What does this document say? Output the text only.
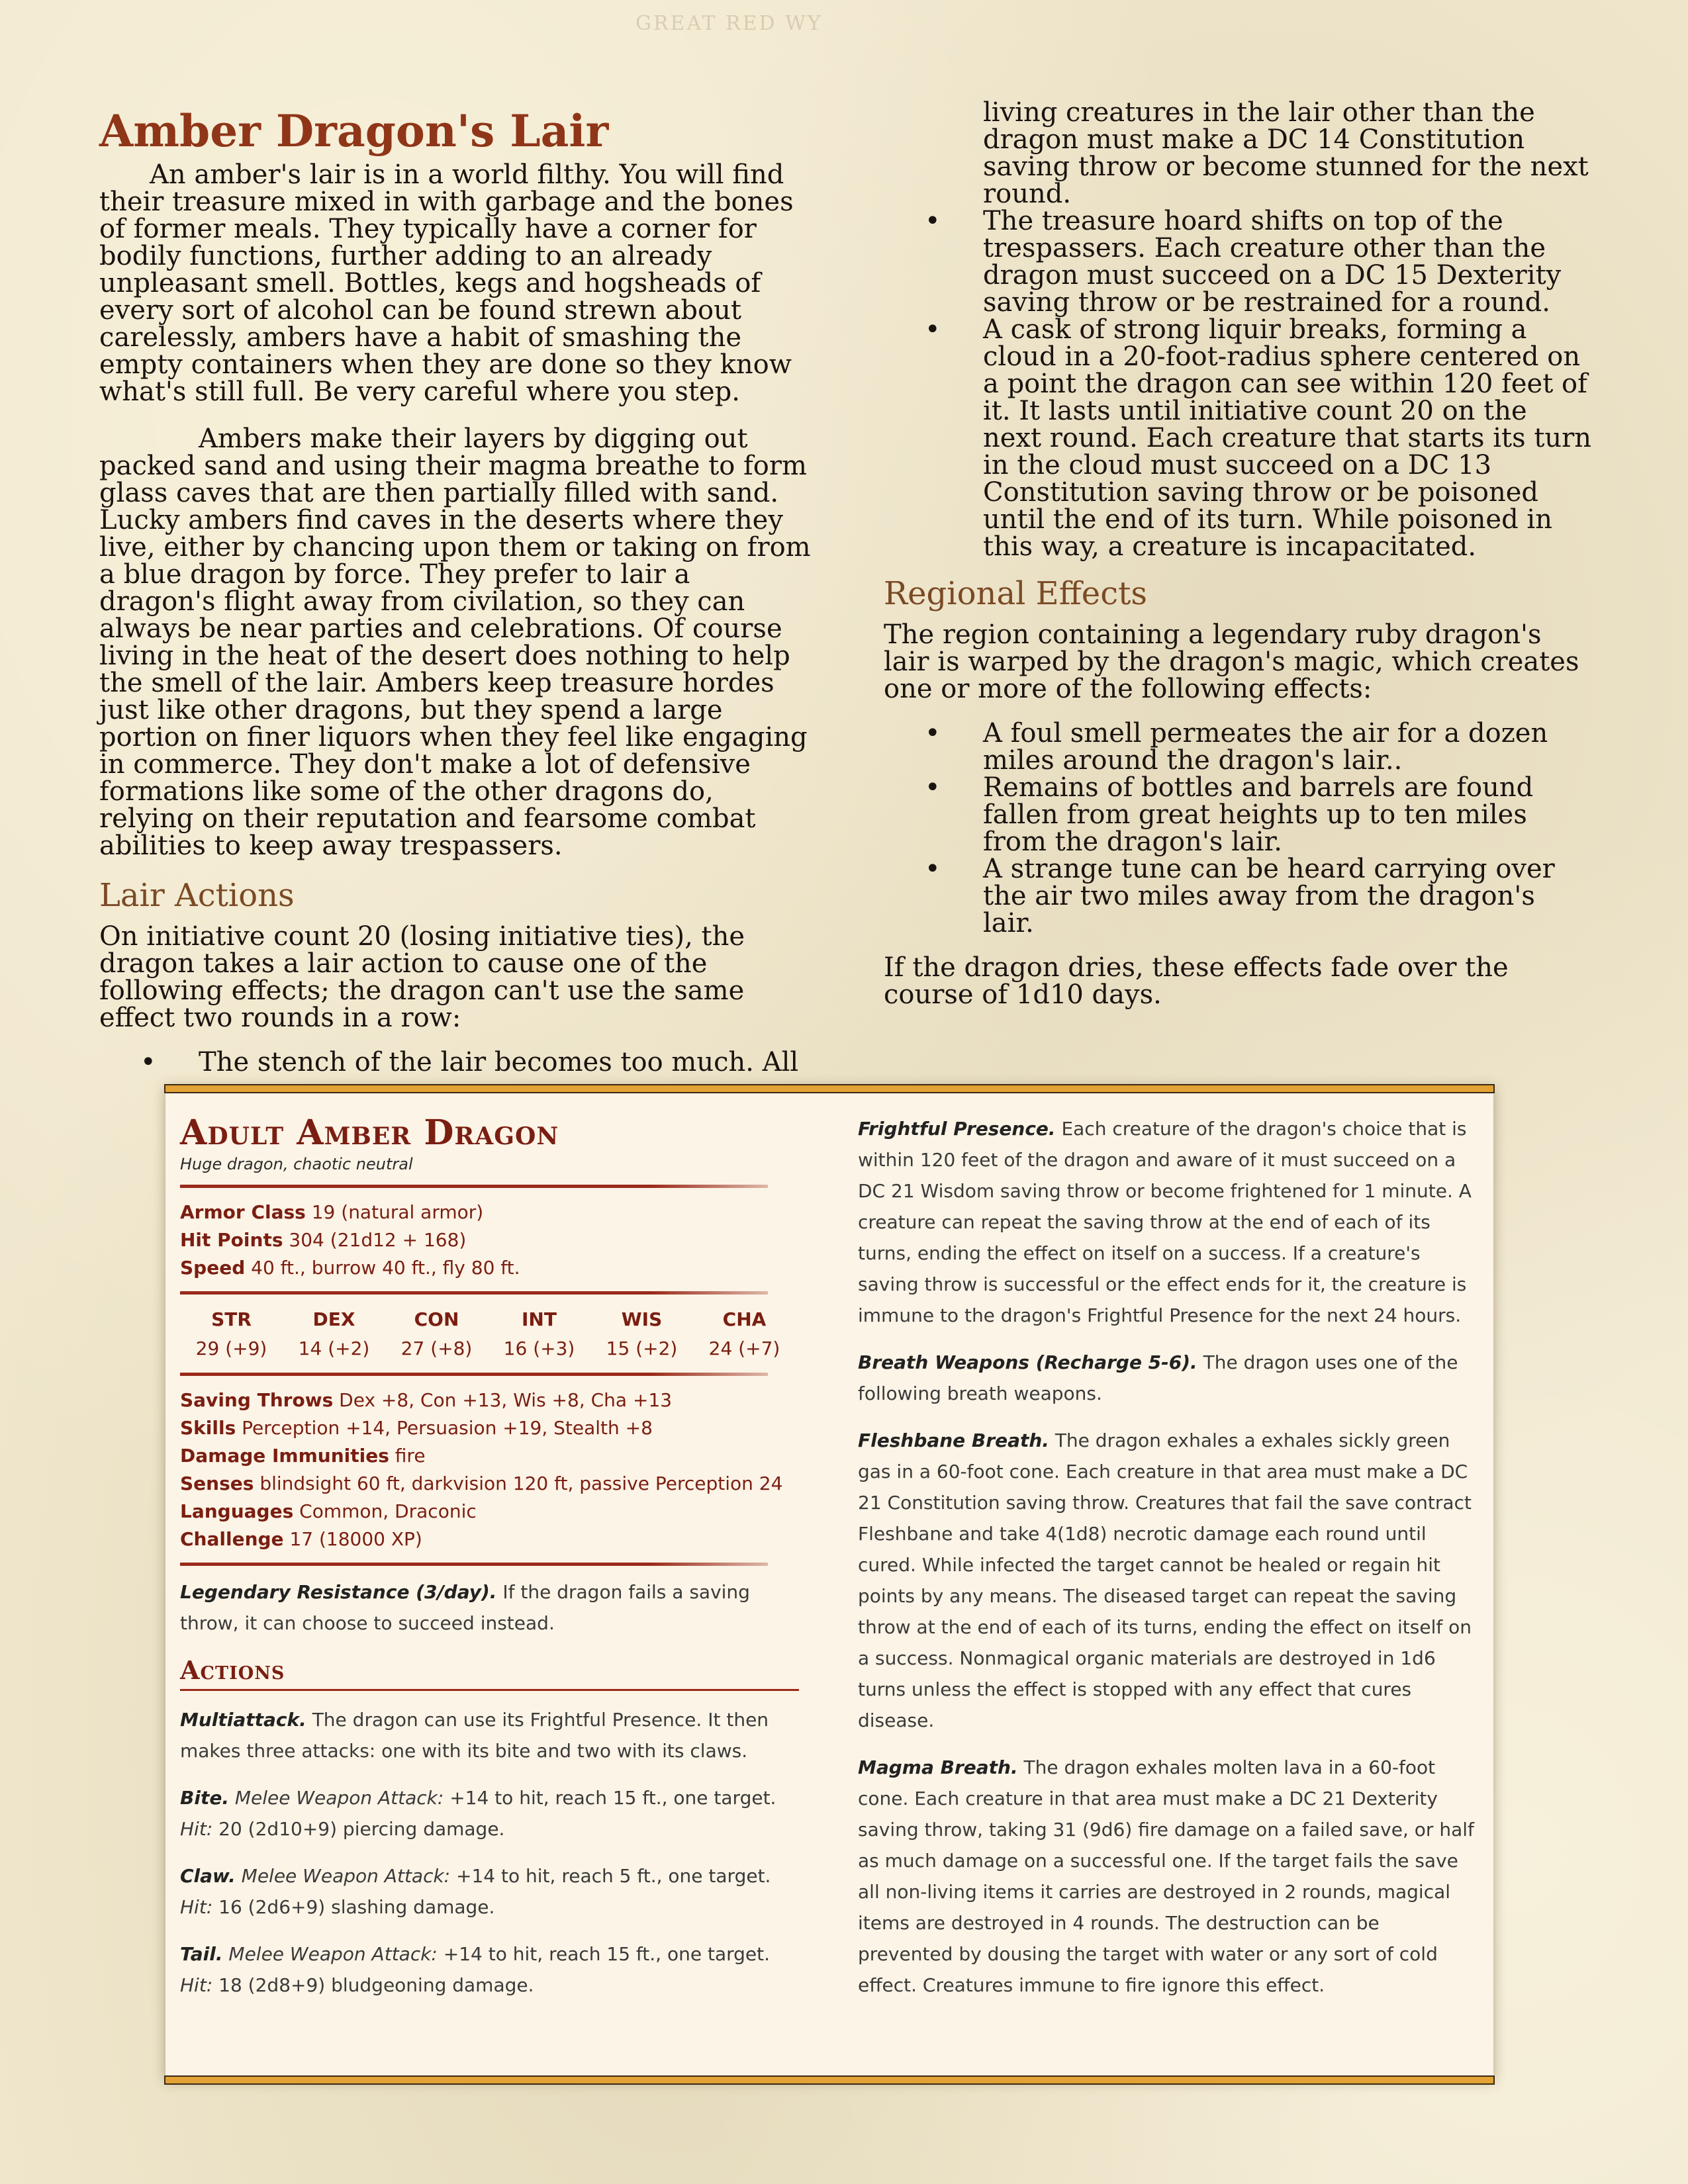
GREAT RED WY
Amber Dragon's Lair

An amber's lair is in a world filthy. You will find their treasure mixed in with garbage and the bones of former meals. They typically have a corner for bodily functions, further adding to an already unpleasant smell. Bottles, kegs and hogsheads of every sort of alcohol can be found strewn about carelessly, ambers have a habit of smashing the empty containers when they are done so they know what's still full. Be very careful where you step.

Ambers make their layers by digging out packed sand and using their magma breathe to form glass caves that are then partially filled with sand. Lucky ambers find caves in the deserts where they live, either by chancing upon them or taking on from a blue dragon by force. They prefer to lair a dragon's flight away from civilation, so they can always be near parties and celebrations. Of course living in the heat of the desert does nothing to help the smell of the lair. Ambers keep treasure hordes just like other dragons, but they spend a large portion on finer liquors when they feel like engaging in commerce. They don't make a lot of defensive formations like some of the other dragons do, relying on their reputation and fearsome combat abilities to keep away trespassers.

Lair Actions

On initiative count 20 (losing initiative ties), the dragon takes a lair action to cause one of the following effects; the dragon can't use the same effect two rounds in a row:

• The stench of the lair becomes too much. All

living creatures in the lair other than the dragon must make a DC 14 Constitution saving throw or become stunned for the next round.

• The treasure hoard shifts on top of the trespassers. Each creature other than the dragon must succeed on a DC 15 Dexterity saving throw or be restrained for a round.
• A cask of strong liquir breaks, forming a cloud in a 20-foot-radius sphere centered on a point the dragon can see within 120 feet of it. It lasts until initiative count 20 on the next round. Each creature that starts its turn in the cloud must succeed on a DC 13 Constitution saving throw or be poisoned until the end of its turn. While poisoned in this way, a creature is incapacitated.
Regional Effects

The region containing a legendary ruby dragon's lair is warped by the dragon's magic, which creates one or more of the following effects:

• A foul smell permeates the air for a dozen miles around the dragon's lair..
• Remains of bottles and barrels are found fallen from great heights up to ten miles from the dragon's lair.
• A strange tune can be heard carrying over the air two miles away from the dragon's lair.

If the dragon dries, these effects fade over the course of 1d10 days.

Adult Amber Dragon

Huge dragon, chaotic neutral

Armor Class 19 (natural armor)

Hit Points 304 (21d12 + 168)

Speed 40 ft., burrow 40 ft., fly 80 ft.

STR
29 (+9)
DEX
14 (+2)
CON
27 (+8)
INT
16 (+3)
WIS
15 (+2)
CHA
24 (+7)

Saving Throws Dex +8, Con +13, Wis +8, Cha +13

Skills Perception +14, Persuasion +19, Stealth +8

Damage Immunities fire

Senses blindsight 60 ft, darkvision 120 ft, passive Perception 24

Languages Common, Draconic

Challenge 17 (18000 XP)

Legendary Resistance (3/day). If the dragon fails a saving throw, it can choose to succeed instead.

Actions

Multiattack. The dragon can use its Frightful Presence. It then makes three attacks: one with its bite and two with its claws.

Bite. Melee Weapon Attack: +14 to hit, reach 15 ft., one target. Hit: 20 (2d10+9) piercing damage.

Claw. Melee Weapon Attack: +14 to hit, reach 5 ft., one target. Hit: 16 (2d6+9) slashing damage.

Tail. Melee Weapon Attack: +14 to hit, reach 15 ft., one target. Hit: 18 (2d8+9) bludgeoning damage.

Frightful Presence. Each creature of the dragon's choice that is within 120 feet of the dragon and aware of it must succeed on a DC 21 Wisdom saving throw or become frightened for 1 minute. A creature can repeat the saving throw at the end of each of its turns, ending the effect on itself on a success. If a creature's saving throw is successful or the effect ends for it, the creature is immune to the dragon's Frightful Presence for the next 24 hours.

Breath Weapons (Recharge 5-6). The dragon uses one of the following breath weapons.

Fleshbane Breath. The dragon exhales a exhales sickly green gas in a 60-foot cone. Each creature in that area must make a DC 21 Constitution saving throw. Creatures that fail the save contract Fleshbane and take 4(1d8) necrotic damage each round until cured. While infected the target cannot be healed or regain hit points by any means. The diseased target can repeat the saving throw at the end of each of its turns, ending the effect on itself on a success. Nonmagical organic materials are destroyed in 1d6 turns unless the effect is stopped with any effect that cures disease.

Magma Breath. The dragon exhales molten lava in a 60-foot cone. Each creature in that area must make a DC 21 Dexterity saving throw, taking 31 (9d6) fire damage on a failed save, or half as much damage on a successful one. If the target fails the save all non-living items it carries are destroyed in 2 rounds, magical items are destroyed in 4 rounds. The destruction can be prevented by dousing the target with water or any sort of cold effect. Creatures immune to fire ignore this effect.
